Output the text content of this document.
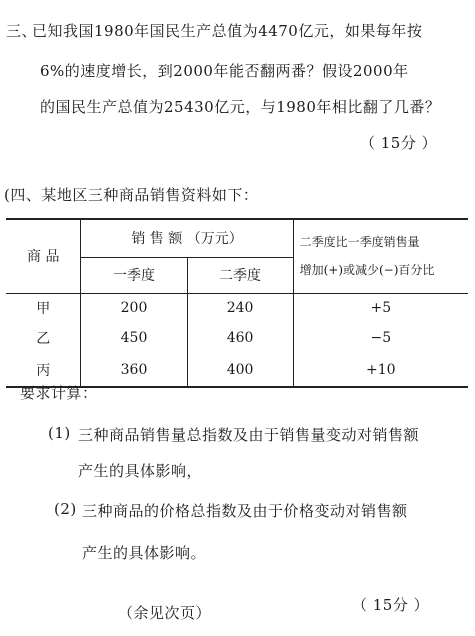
三、
已知我国1980年国民生产总值为4470亿元，如果每年按
6%的速度增长，到2000年能否翻两番？假设2000年
的国民生产总值为25430亿元，与1980年相比翻了几番？
（ 15分 ）
(四、某地区三种商品销售资料如下：
商 品	销 售 额 （万元）		二季度比一季度销售量
增加(+)或减少(−)百分比

	一季度	二季度	
甲	200	240	+5
乙	450	460	−5
丙	360	400	+10
要求计算：
(1) 三种商品销售量总指数及由于销售量变动对销售额
产生的具体影响，
(2) 三种商品的价格总指数及由于价格变动对销售额
产生的具体影响。
（余见次页）	（ 15分 ）
